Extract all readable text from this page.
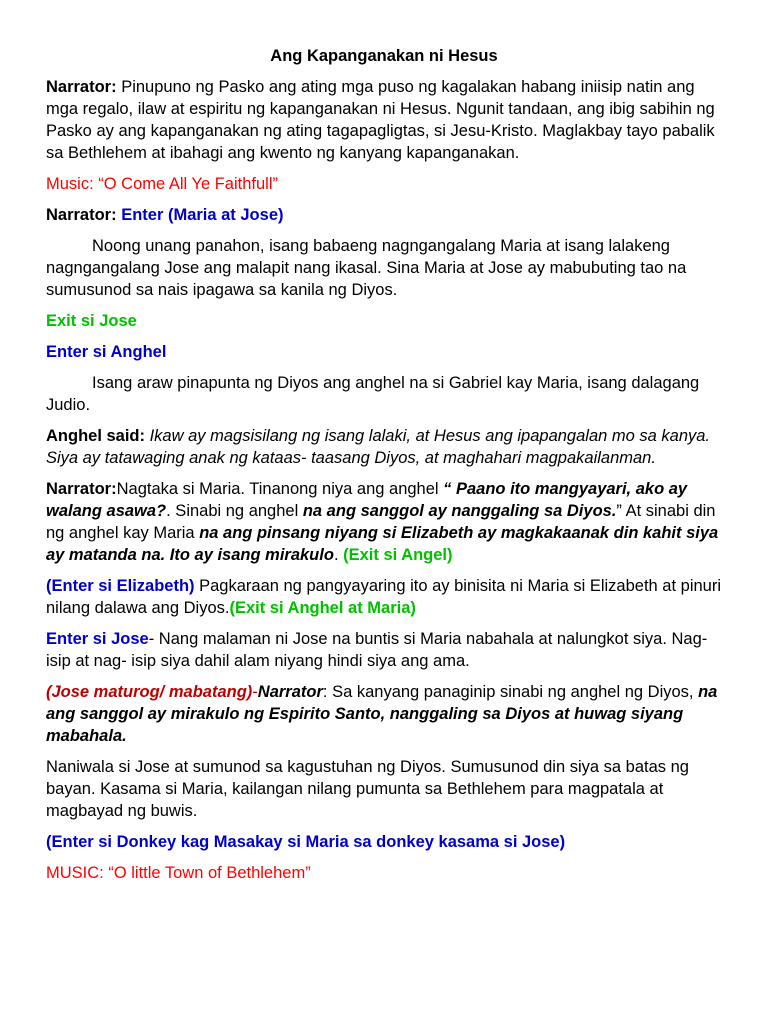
Ang Kapanganakan ni Hesus

Narrator: Pinupuno ng Pasko ang ating mga puso ng kagalakan habang iniisip natin ang mga regalo, ilaw at espiritu ng kapanganakan ni Hesus. Ngunit tandaan, ang ibig sabihin ng Pasko ay ang kapanganakan ng ating tagapagligtas, si Jesu-Kristo. Maglakbay tayo pabalik sa Bethlehem at ibahagi ang kwento ng kanyang kapanganakan.

Music: “O Come All Ye Faithfull”

Narrator: Enter (Maria at Jose)

Noong unang panahon, isang babaeng nagngangalang Maria at isang lalakeng nagngangalang Jose ang malapit nang ikasal. Sina Maria at Jose ay mabubuting tao na sumusunod sa nais ipagawa sa kanila ng Diyos.

Exit si Jose

Enter si Anghel

Isang araw pinapunta ng Diyos ang anghel na si Gabriel kay Maria, isang dalagang Judio.

Anghel said: Ikaw ay magsisilang ng isang lalaki, at Hesus ang ipapangalan mo sa kanya. Siya ay tatawaging anak ng kataas- taasang Diyos, at maghahari magpakailanman.

Narrator:Nagtaka si Maria. Tinanong niya ang anghel “ Paano ito mangyayari, ako ay walang asawa?. Sinabi ng anghel na ang sanggol ay nanggaling sa Diyos.” At sinabi din ng anghel kay Maria na ang pinsang niyang si Elizabeth ay magkakaanak din kahit siya ay matanda na. Ito ay isang mirakulo. (Exit si Angel)

(Enter si Elizabeth) Pagkaraan ng pangyayaring ito ay binisita ni Maria si Elizabeth at pinuri nilang dalawa ang Diyos.(Exit si Anghel at Maria)

Enter si Jose- Nang malaman ni Jose na buntis si Maria nabahala at nalungkot siya. Nag- isip at nag- isip siya dahil alam niyang hindi siya ang ama.

(Jose maturog/ mabatang)-Narrator: Sa kanyang panaginip sinabi ng anghel ng Diyos, na ang sanggol ay mirakulo ng Espirito Santo, nanggaling sa Diyos at huwag siyang mabahala.

Naniwala si Jose at sumunod sa kagustuhan ng Diyos. Sumusunod din siya sa batas ng bayan. Kasama si Maria, kailangan nilang pumunta sa Bethlehem para magpatala at magbayad ng buwis.

(Enter si Donkey kag Masakay si Maria sa donkey kasama si Jose)

MUSIC: “O little Town of Bethlehem”
